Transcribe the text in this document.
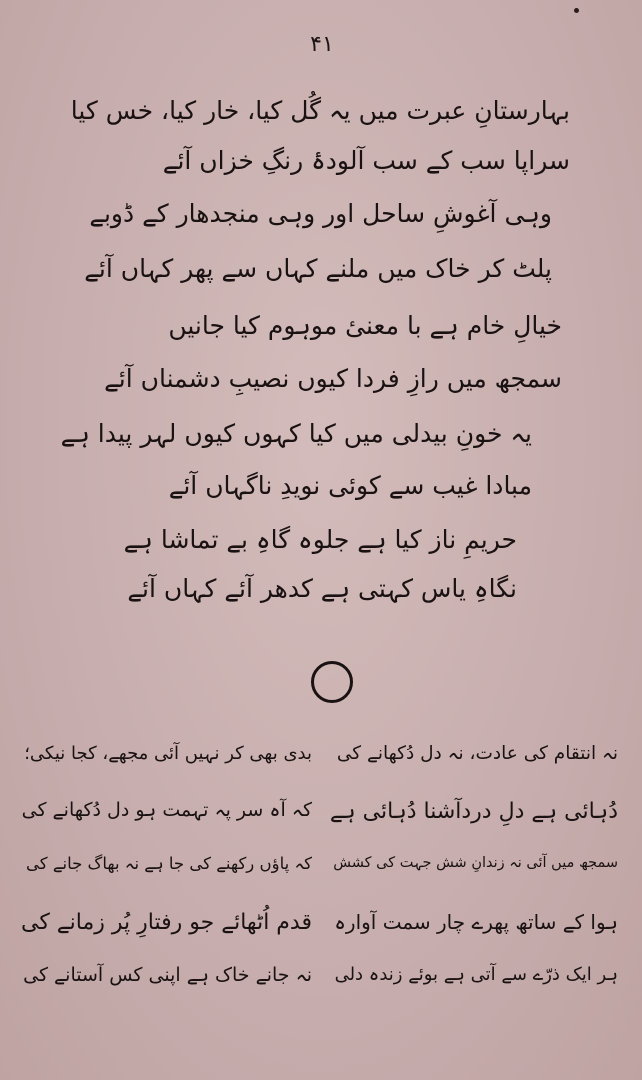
۴۱
بہارستانِ عبرت میں یہ گُل کیا، خار کیا، خس کیا
سراپا سب کے سب آلودۂ رنگِ خزاں آئے
وہی آغوشِ ساحل اور وہی منجدھار کے ڈوبے
پلٹ کر خاک میں ملنے کہاں سے پھر کہاں آئے
خیالِ خام ہے با معنیٔ موہوم کیا جانیں
سمجھ میں رازِ فردا کیوں نصیبِ دشمناں آئے
یہ خونِ بیدلی میں کیا کہوں کیوں لہر پیدا ہے
مبادا غیب سے کوئی نویدِ ناگہاں آئے
حریمِ ناز کیا ہے جلوہ گاہِ بے تماشا ہے
نگاہِ یاس کہتی ہے کدھر آئے کہاں آئے
نہ انتقام کی عادت، نہ دل دُکھانے کی
دُہائی ہے دلِ دردآشنا دُہائی ہے
سمجھ میں آئی نہ زندانِ شش جہت کی کشش
ہوا کے ساتھ پھرے چار سمت آوارہ
ہر ایک ذرّے سے آتی ہے بوئے زندہ دلی
بدی بھی کر نہیں آئی مجھے، کجا نیکی؛
کہ آہ سر پہ تہمت ہو دل دُکھانے کی
کہ پاؤں رکھنے کی جا ہے نہ بھاگ جانے کی
قدم اُٹھائے جو رفتارِ پُر زمانے کی
نہ جانے خاک ہے اپنی کس آستانے کی
